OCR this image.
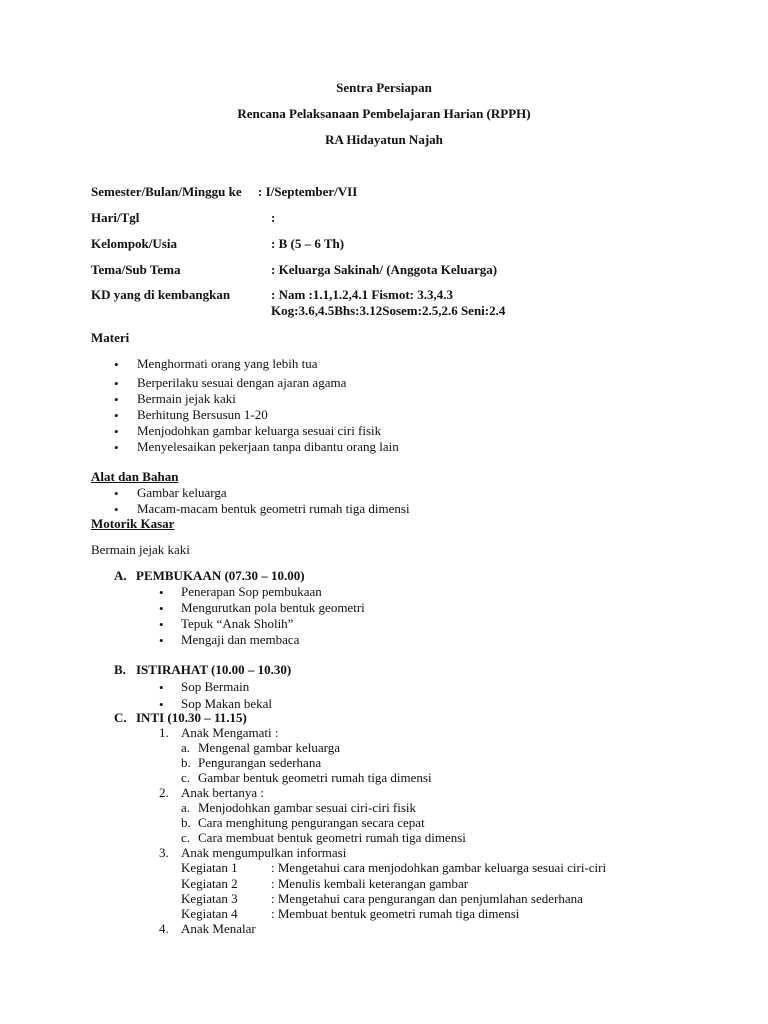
Sentra Persiapan
Rencana Pelaksanaan Pembelajaran Harian (RPPH)
RA Hidayatun Najah
Semester/Bulan/Minggu ke : I/September/VII
Hari/Tgl	:
Kelompok/Usia	: B (5 – 6 Th)
Tema/Sub Tema	: Keluarga Sakinah/ (Anggota Keluarga)
KD yang di kembangkan	: Nam :1.1,1.2,4.1 Fismot: 3.3,4.3
Kog:3.6,4.5Bhs:3.12Sosem:2.5,2.6 Seni:2.4
Materi
•
Menghormati orang yang lebih tua
•
Berperilaku sesuai dengan ajaran agama
•
Bermain jejak kaki
•
Berhitung Bersusun 1-20
•
Menjodohkan gambar keluarga sesuai ciri fisik
•
Menyelesaikan pekerjaan tanpa dibantu orang lain
Alat dan Bahan
•
Gambar keluarga
•
Macam-macam bentuk geometri rumah tiga dimensi
Motorik Kasar
Bermain jejak kaki
A. PEMBUKAAN (07.30 – 10.00)
•
Penerapan Sop pembukaan
•
Mengurutkan pola bentuk geometri
•
Tepuk “Anak Sholih”
•
Mengaji dan membaca
B. ISTIRAHAT (10.00 – 10.30)
•
Sop Bermain
•
Sop Makan bekal
C. INTI (10.30 – 11.15)
1. Anak Mengamati :
a. Mengenal gambar keluarga
b. Pengurangan sederhana
c. Gambar bentuk geometri rumah tiga dimensi
2. Anak bertanya :
a. Menjodohkan gambar sesuai ciri-ciri fisik
b. Cara menghitung pengurangan secara cepat
c. Cara membuat bentuk geometri rumah tiga dimensi
3. Anak mengumpulkan informasi
Kegiatan 1	: Mengetahui cara menjodohkan gambar keluarga sesuai ciri-ciri
Kegiatan 2	: Menulis kembali keterangan gambar
Kegiatan 3	: Mengetahui cara pengurangan dan penjumlahan sederhana
Kegiatan 4	: Membuat bentuk geometri rumah tiga dimensi
4. Anak Menalar
